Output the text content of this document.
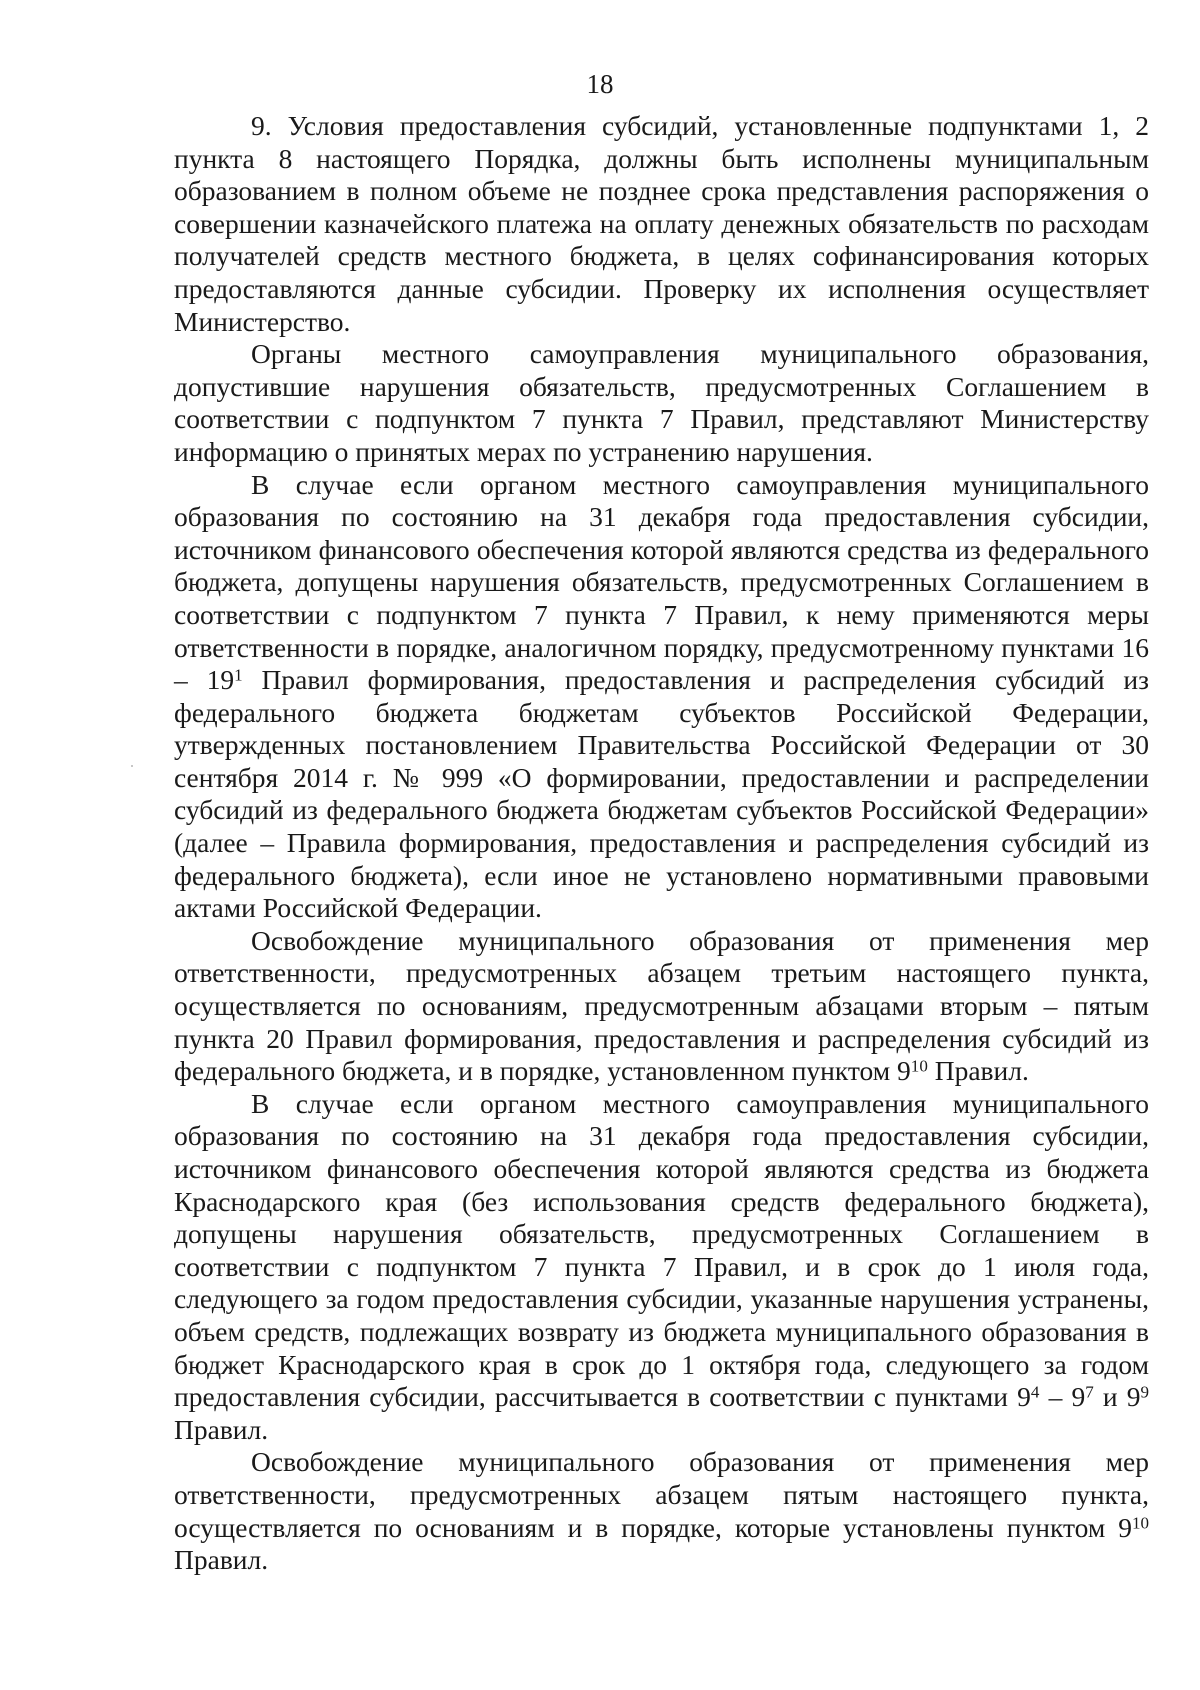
18

9. Условия предоставления субсидий, установленные подпунктами 1, 2 пункта 8 настоящего Порядка, должны быть исполнены муниципальным образованием в полном объеме не позднее срока представления распоряжения о совершении казначейского платежа на оплату денежных обязательств по расходам получателей средств местного бюджета, в целях софинансирования которых предоставляются данные субсидии. Проверку их исполнения осуществляет Министерство.

Органы местного самоуправления муниципального образования, допустившие нарушения обязательств, предусмотренных Соглашением в соответствии с подпунктом 7 пункта 7 Правил, представляют Министерству информацию о принятых мерах по устранению нарушения.

В случае если органом местного самоуправления муниципального образования по состоянию на 31 декабря года предоставления субсидии, источником финансового обеспечения которой являются средства из федерального бюджета, допущены нарушения обязательств, предусмотренных Соглашением в соответствии с подпунктом 7 пункта 7 Правил, к нему применяются меры ответственности в порядке, аналогичном порядку, предусмотренному пунктами $16 - 19^1$ Правил формирования, предоставления и распределения субсидий из федерального бюджета бюджетам субъектов Российской Федерации, утвержденных постановлением Правительства Российской Федерации от 30 сентября 2014 г. № 999 «О формировании, предоставлении и распределении субсидий из федерального бюджета бюджетам субъектов Российской Федерации» (далее – Правила формирования, предоставления и распределения субсидий из федерального бюджета), если иное не установлено нормативными правовыми актами Российской Федерации.

Освобождение муниципального образования от применения мер ответственности, предусмотренных абзацем третьим настоящего пункта, осуществляется по основаниям, предусмотренным абзацами вторым – пятым пункта 20 Правил формирования, предоставления и распределения субсидий из федерального бюджета, и в порядке, установленном пунктом $9^{10}$ Правил.

В случае если органом местного самоуправления муниципального образования по состоянию на 31 декабря года предоставления субсидии, источником финансового обеспечения которой являются средства из бюджета Краснодарского края (без использования средств федерального бюджета), допущены нарушения обязательств, предусмотренных Соглашением в соответствии с подпунктом 7 пункта 7 Правил, и в срок до 1 июля года, следующего за годом предоставления субсидии, указанные нарушения устранены, объем средств, подлежащих возврату из бюджета муниципального образования в бюджет Краснодарского края в срок до 1 октября года, следующего за годом предоставления субсидии, рассчитывается в соответствии с пунктами $9^4 - 9^7$ и $9^9$ Правил.

Освобождение муниципального образования от применения мер ответственности, предусмотренных абзацем пятым настоящего пункта, осуществляется по основаниям и в порядке, которые установлены пунктом $9^{10}$ Правил.
